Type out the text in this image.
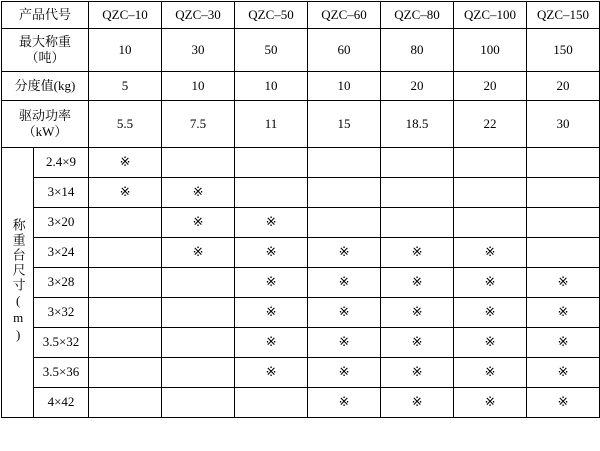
产品代号		QZC–10	QZC–30	QZC–50	QZC–60	QZC–80	QZC–100	QZC–150

最大称重
（吨）		10	30	50	60	80	100	150
分度值(kg)		5	10	10	10	20	20	20

驱动功率
（kW）		5.5	7.5	11	15	18.5	22	30
称重台尺寸(m)	2.4×9	※						
	3×14	※	※					
	3×20		※	※				
	3×24		※	※	※	※	※	
	3×28			※	※	※	※	※
	3×32			※	※	※	※	※
	3.5×32			※	※	※	※	※
	3.5×36			※	※	※	※	※
	4×42				※	※	※	※
